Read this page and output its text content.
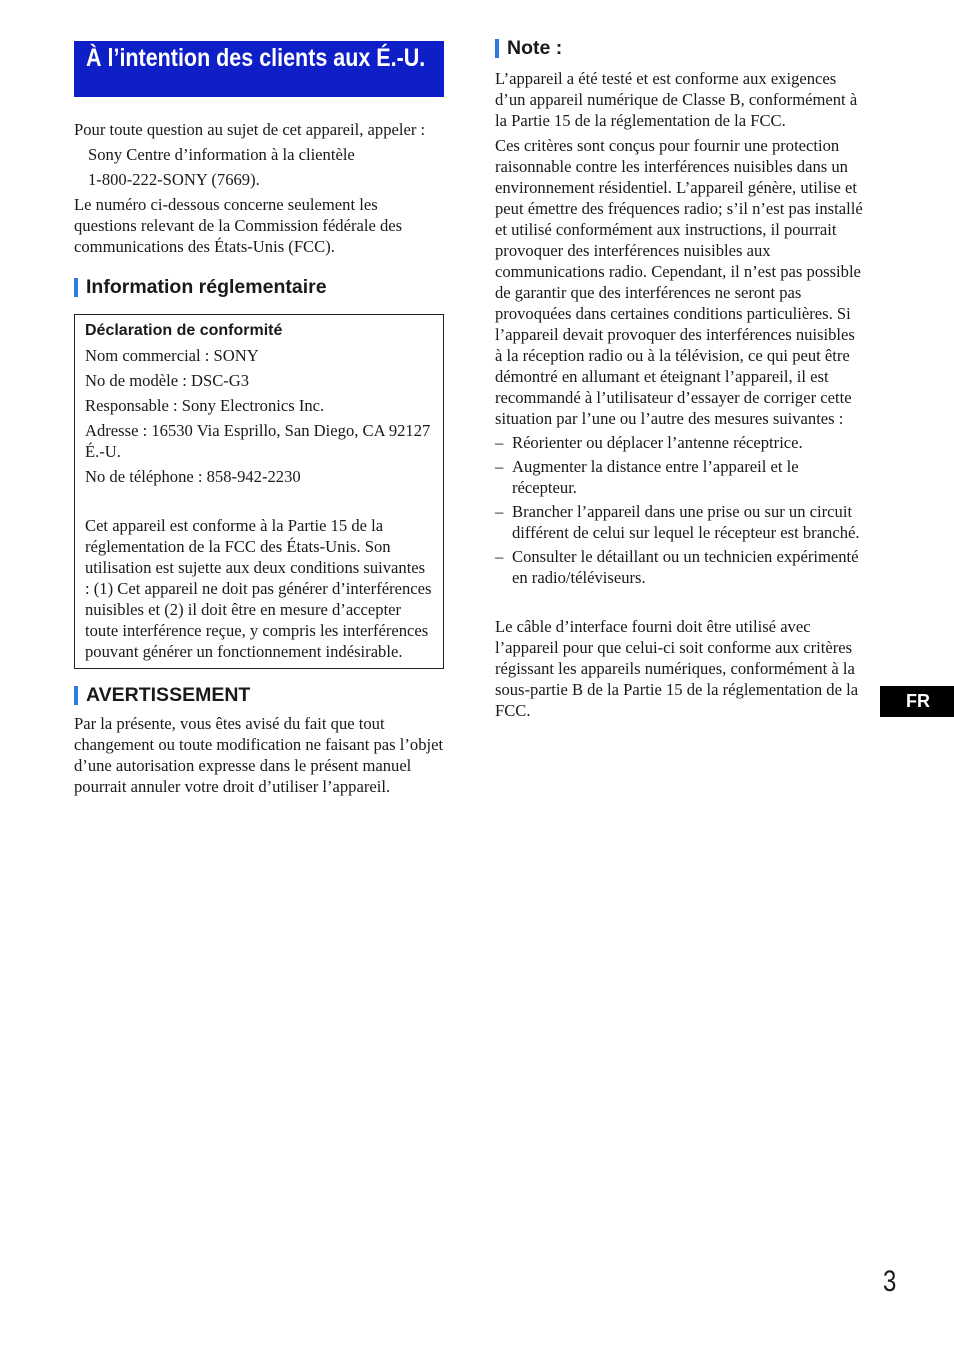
À l’intention des clients aux É.-U.

Pour toute question au sujet de cet appareil, appeler :

Sony Centre d’information à la clientèle

1-800-222-SONY (7669).

Le numéro ci-dessous concerne seulement les questions relevant de la Commission fédérale des communications des États-Unis (FCC).

Information réglementaire
Déclaration de conformité

Nom commercial : SONY

No de modèle : DSC-G3

Responsable : Sony Electronics Inc.

Adresse : 16530 Via Esprillo, San Diego, CA 92127 É.-U.

No de téléphone : 858-942-2230

Cet appareil est conforme à la Partie 15 de la réglementation de la FCC des États-Unis. Son utilisation est sujette aux deux conditions suivantes : (1) Cet appareil ne doit pas générer d’interférences nuisibles et (2) il doit être en mesure d’accepter toute interférence reçue, y compris les interférences pouvant générer un fonctionnement indésirable.

AVERTISSEMENT

Par la présente, vous êtes avisé du fait que tout changement ou toute modification ne faisant pas l’objet d’une autorisation expresse dans le présent manuel pourrait annuler votre droit d’utiliser l’appareil.

Note :

L’appareil a été testé et est conforme aux exigences d’un appareil numérique de Classe B, conformément à la Partie 15 de la réglementation de la FCC.

Ces critères sont conçus pour fournir une protection raisonnable contre les interférences nuisibles dans un environnement résidentiel. L’appareil génère, utilise et peut émettre des fréquences radio; s’il n’est pas installé et utilisé conformément aux instructions, il pourrait provoquer des interférences nuisibles aux communications radio. Cependant, il n’est pas possible de garantir que des interférences ne seront pas provoquées dans certaines conditions particulières. Si l’appareil devait provoquer des interférences nuisibles à la réception radio ou à la télévision, ce qui peut être démontré en allumant et éteignant l’appareil, il est recommandé à l’utilisateur d’essayer de corriger cette situation par l’une ou l’autre des mesures suivantes :

– Réorienter ou déplacer l’antenne réceptrice.
– Augmenter la distance entre l’appareil et le récepteur.
– Brancher l’appareil dans une prise ou sur un circuit différent de celui sur lequel le récepteur est branché.
– Consulter le détaillant ou un technicien expérimenté en radio/téléviseurs.

Le câble d’interface fourni doit être utilisé avec l’appareil pour que celui-ci soit conforme aux critères régissant les appareils numériques, conformément à la sous-partie B de la Partie 15 de la réglementation de la FCC.	FR
3
